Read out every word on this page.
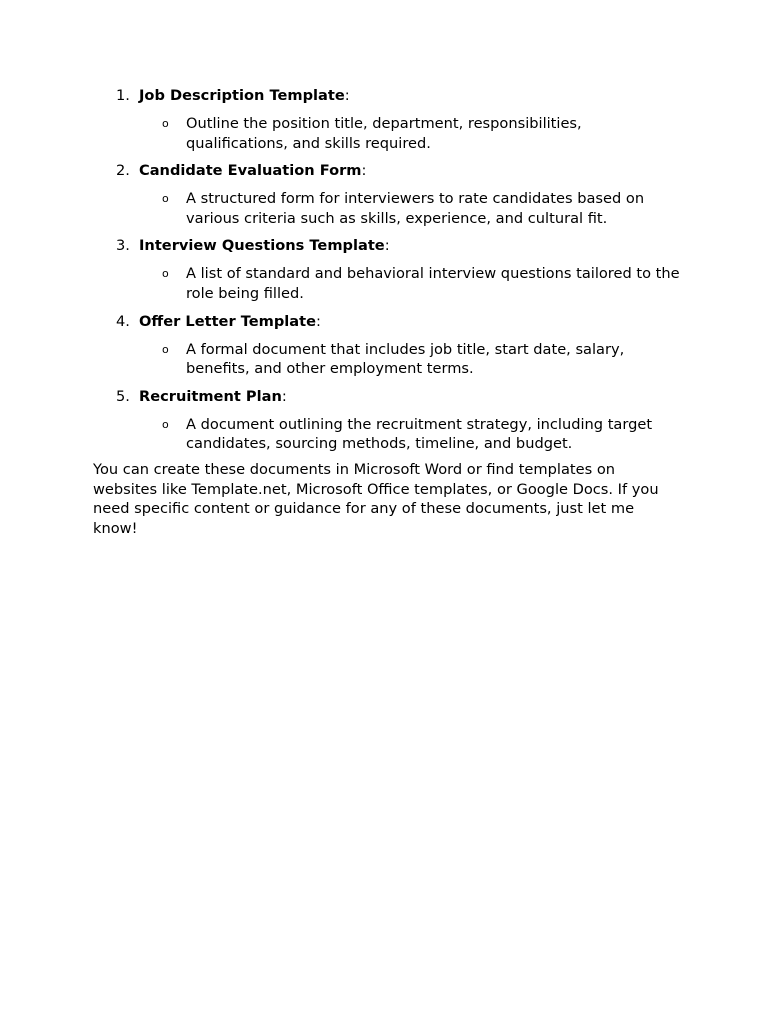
1. Job Description Template:
o Outline the position title, department, responsibilities, qualifications, and skills required.
2. Candidate Evaluation Form:
o A structured form for interviewers to rate candidates based on various criteria such as skills, experience, and cultural fit.
3. Interview Questions Template:
o A list of standard and behavioral interview questions tailored to the role being filled.
4. Offer Letter Template:
o A formal document that includes job title, start date, salary, benefits, and other employment terms.
5. Recruitment Plan:
o A document outlining the recruitment strategy, including target candidates, sourcing methods, timeline, and budget.

You can create these documents in Microsoft Word or find templates on websites like Template.net, Microsoft Office templates, or Google Docs. If you need specific content or guidance for any of these documents, just let me know!
